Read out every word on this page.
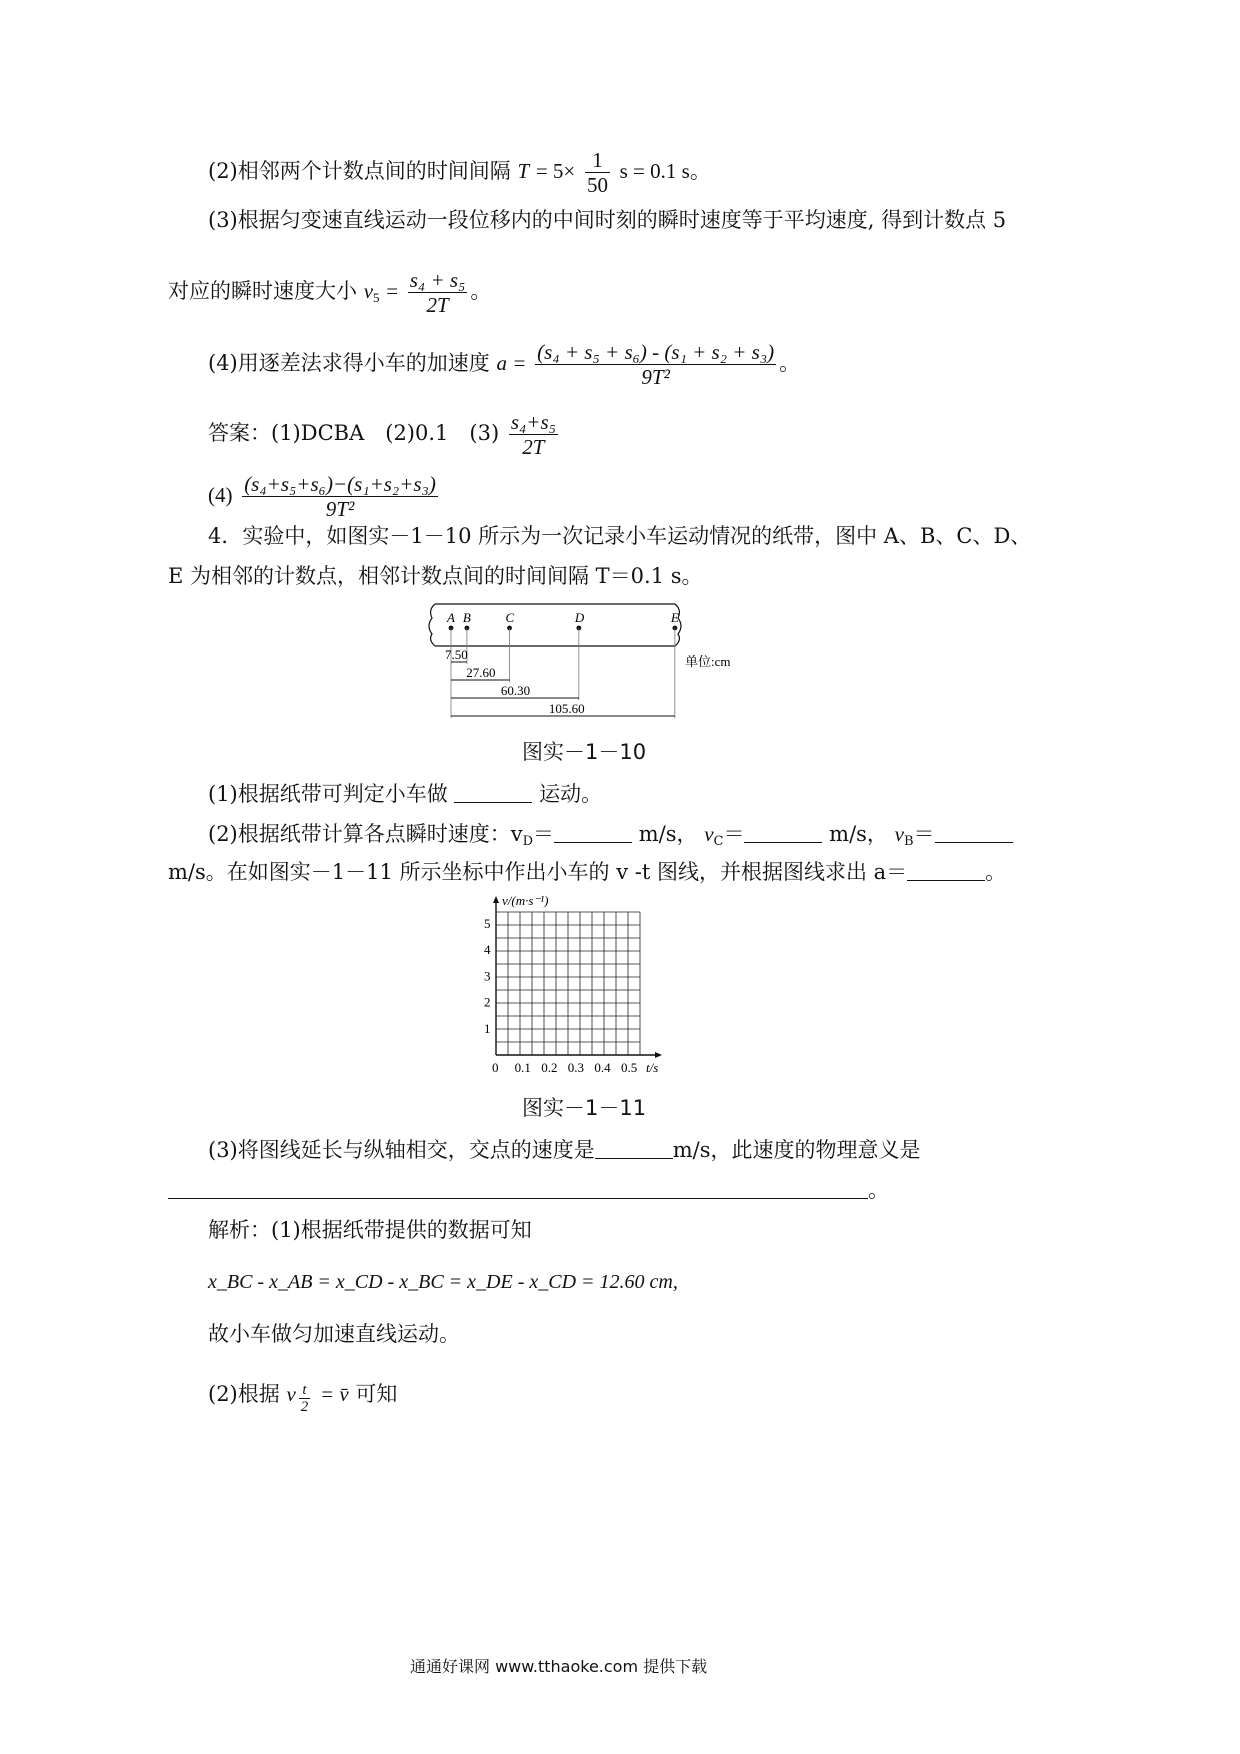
(2)相邻两个计数点间的时间间隔 $T = 5\times \frac{1}{50}$ s = 0.1 s。
(3)根据匀变速直线运动一段位移内的中间时刻的瞬时速度等于平均速度, 得到计数点 5
对应的瞬时速度大小 $v_5 = \frac{\text{s₄ + s₅}}{2T}$ 。
(4)用逐差法求得小车的加速度 $a = \frac{\text{(s₄ + s₅ + s₆) - (s₁ + s₂ + s₃)}}{\text{9T²}}$ 。
答案：(1)DCBA　(2)0.1　$(3) \frac{\text{s₄+s₅}}{2T}$
$(4) \frac{\text{(s₄+s₅+s₆)−(s₁+s₂+s₃)}}{\text{9T²}}$
4．实验中，如图实－1－10 所示为一次记录小车运动情况的纸带，图中 A、B、C、D、
E 为相邻的计数点，相邻计数点间的时间间隔 T＝0.1 s。
A B	C	D	E
7.50
27.60
60.30
105.60
单位:cm
图实－1－10
(1)根据纸带可判定小车做	运动。
(2)根据纸带计算各点瞬时速度：$v_D=$	m/s， $v_C=$	m/s， $v_B=$
m/s。在如图实－1－11 所示坐标中作出小车的 v -t 图线，并根据图线求出 a＝	。
v/(m·s⁻¹)
t/s
1
2
3
4
5
0 0.1 0.2 0.3 0.4 0.5
图实－1－11
(3)将图线延长与纵轴相交，交点的速度是	m/s，此速度的物理意义是
。
解析：(1)根据纸带提供的数据可知
x_BC - x_AB = x_CD - x_BC = x_DE - x_CD = 12.60 cm,
故小车做匀加速直线运动。
(2)根据 v $\frac{t}{2}$ = v̄ 可知
通通好课网 www.tthaoke.com 提供下载
